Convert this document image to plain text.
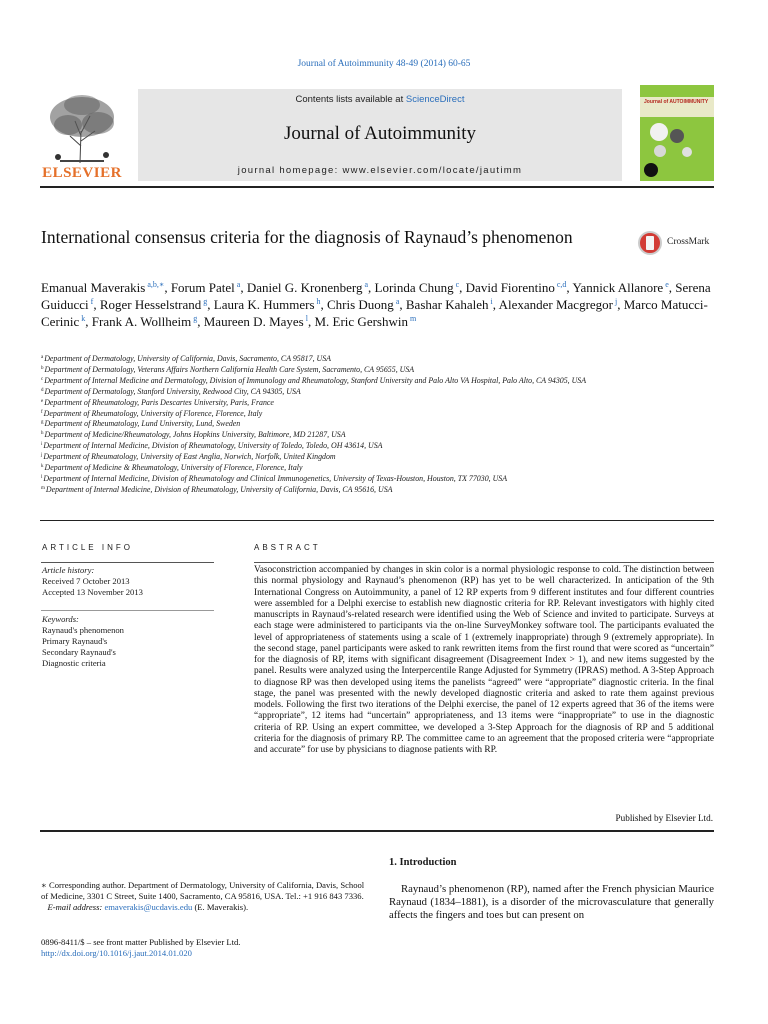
Journal of Autoimmunity 48-49 (2014) 60‐65
ELSEVIER
Contents lists available at ScienceDirect
Journal of Autoimmunity
journal homepage: www.elsevier.com/locate/jautimm
Journal of AUTOIMMUNITY
International consensus criteria for the diagnosis of Raynaud’s phenomenon	CrossMark
Emanual Maverakis $^{a,b,∗}$, Forum Patel $^a$, Daniel G. Kronenberg $^a$, Lorinda Chung $^c$, David Fiorentino $^{c,d}$, Yannick Allanore $^e$, Serena Guiducci $^f$, Roger Hesselstrand $^g$, Laura K. Hummers $^h$, Chris Duong $^a$, Bashar Kahaleh $^i$, Alexander Macgregor $^j$, Marco Matucci-Cerinic $^k$, Frank A. Wollheim $^g$, Maureen D. Mayes $^l$, M. Eric Gershwin $^m$
$^a$Department of Dermatology, University of California, Davis, Sacramento, CA 95817, USA
$^b$Department of Dermatology, Veterans Affairs Northern California Health Care System, Sacramento, CA 95655, USA
$^c$Department of Internal Medicine and Dermatology, Division of Immunology and Rheumatology, Stanford University and Palo Alto VA Hospital, Palo Alto, CA 94305, USA
$^d$Department of Dermatology, Stanford University, Redwood City, CA 94305, USA
$^e$Department of Rheumatology, Paris Descartes University, Paris, France
$^f$Department of Rheumatology, University of Florence, Florence, Italy
$^g$Department of Rheumatology, Lund University, Lund, Sweden
$^h$Department of Medicine/Rheumatology, Johns Hopkins University, Baltimore, MD 21287, USA
$^i$Department of Internal Medicine, Division of Rheumatology, University of Toledo, Toledo, OH 43614, USA
$^j$Department of Rheumatology, University of East Anglia, Norwich, Norfolk, United Kingdom
$^k$Department of Medicine & Rheumatology, University of Florence, Florence, Italy
$^l$Department of Internal Medicine, Division of Rheumatology and Clinical Immunogenetics, University of Texas-Houston, Houston, TX 77030, USA
$^m$Department of Internal Medicine, Division of Rheumatology, University of California, Davis, CA 95616, USA
ARTICLE INFO
Article history:
Received 7 October 2013
Accepted 13 November 2013
Keywords:
Raynaud's phenomenon
Primary Raynaud's
Secondary Raynaud's
Diagnostic criteria
ABSTRACT
Vasoconstriction accompanied by changes in skin color is a normal physiologic response to cold. The distinction between this normal physiology and Raynaud’s phenomenon (RP) has yet to be well characterized. In anticipation of the 9th International Congress on Autoimmunity, a panel of 12 RP experts from 9 different institutes and four different countries were assembled for a Delphi exercise to establish new diagnostic criteria for RP. Relevant investigators with highly cited manuscripts in Raynaud’s-related research were identified using the Web of Science and invited to participate. Surveys at each stage were administered to participants via the on-line SurveyMonkey software tool. The participants evaluated the level of appropriateness of statements using a scale of 1 (extremely inappropriate) through 9 (extremely appropriate). In the second stage, panel participants were asked to rank rewritten items from the first round that were scored as “uncertain” for the diagnosis of RP, items with significant disagreement (Disagreement Index > 1), and new items suggested by the panel. Results were analyzed using the Interpercentile Range Adjusted for Symmetry (IPRAS) method. A 3-Step Approach to diagnose RP was then developed using items the panelists “agreed” were “appropriate” diagnostic criteria. In the final stage, the panel was presented with the newly developed diagnostic criteria and asked to rate them against previous models. Following the first two iterations of the Delphi exercise, the panel of 12 experts agreed that 36 of the items were “appropriate”, 12 items had “uncertain” appropriateness, and 13 items were “inappropriate” to use in the diagnostic criteria of RP. Using an expert committee, we developed a 3-Step Approach for the diagnosis of RP and 5 additional criteria for the diagnosis of primary RP. The committee came to an agreement that the proposed criteria were “appropriate and accurate” for use by physicians to diagnose patients with RP.
Published by Elsevier Ltd.
∗ Corresponding author. Department of Dermatology, University of California, Davis, School of Medicine, 3301 C Street, Suite 1400, Sacramento, CA 95816, USA. Tel.: +1 916 843 7336.
E-mail address: emaverakis@ucdavis.edu (E. Maverakis).
0896-8411/$ – see front matter Published by Elsevier Ltd.
http://dx.doi.org/10.1016/j.jaut.2014.01.020
1. Introduction
Raynaud’s phenomenon (RP), named after the French physician Maurice Raynaud (1834–1881), is a disorder of the microvasculature that generally affects the fingers and toes but can present on
